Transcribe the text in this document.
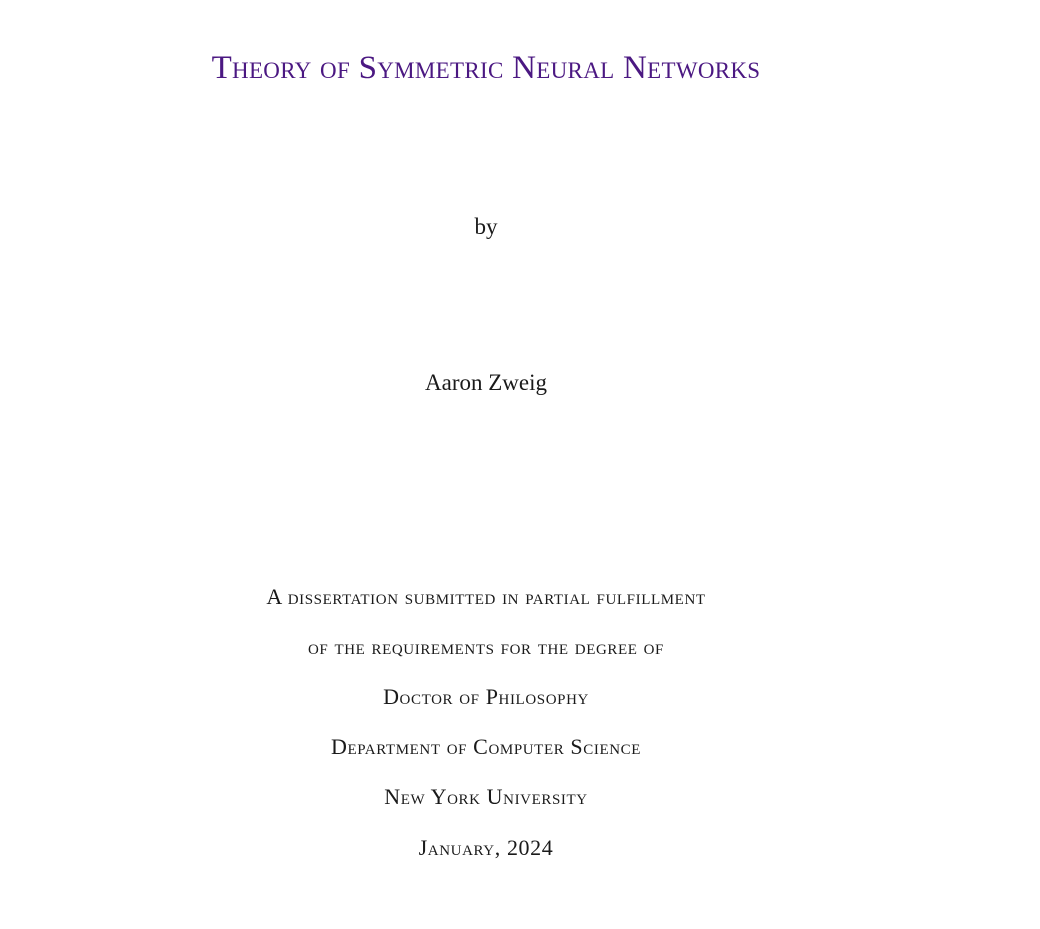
Theory of Symmetric Neural Networks
by
Aaron Zweig
A dissertation submitted in partial fulfillment
of the requirements for the degree of
Doctor of Philosophy
Department of Computer Science
New York University
January, 2024
